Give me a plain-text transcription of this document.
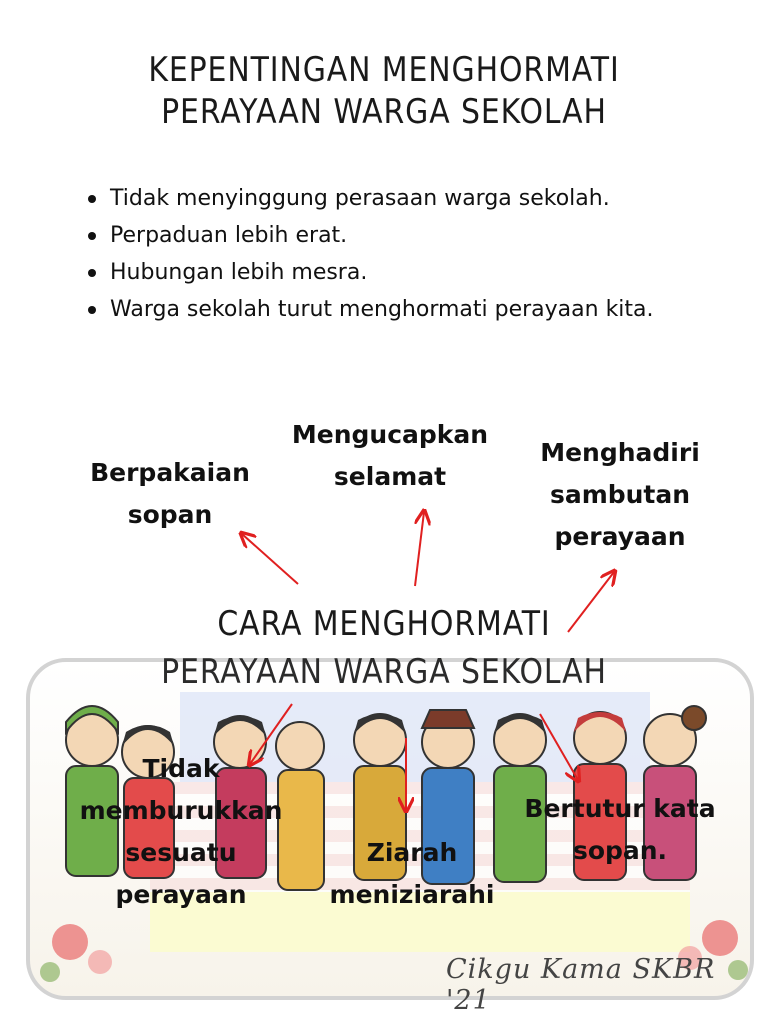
KEPENTINGAN MENGHORMATI
PERAYAAN WARGA SEKOLAH
Tidak menyinggung perasaan warga sekolah.
Perpaduan lebih erat.
Hubungan lebih mesra.
Warga sekolah turut menghormati perayaan kita.
CARA MENGHORMATI
PERAYAAN WARGA SEKOLAH
Berpakaian sopan
Mengucapkan selamat
Menghadiri sambutan perayaan
Tidak memburukkan sesuatu perayaan
Ziarah meniziarahi
Bertutur kata sopan.
Cikgu Kama SKBR '21
